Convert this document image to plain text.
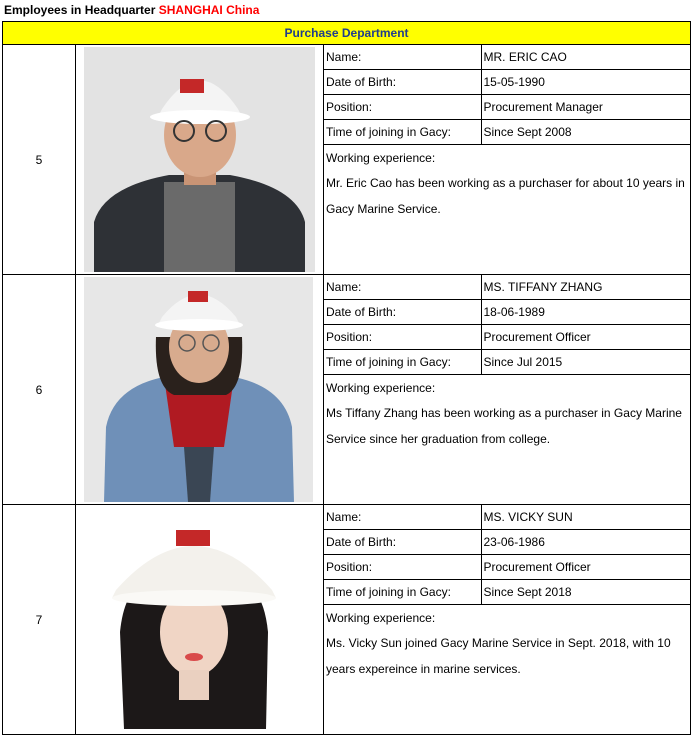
Employees in Headquarter SHANGHAI China
Purchase Department
5	

Name:	MR. ERIC CAO
Date of Birth:	15-05-1990
Position:	Procurement Manager
Time of joining in Gacy:	Since Sept 2008

Working experience:
Mr. Eric Cao has been working as a purchaser for about 10 years in Gacy Marine Service.

6	

Name:	MS. TIFFANY ZHANG
Date of Birth:	18-06-1989
Position:	Procurement Officer
Time of joining in Gacy:	Since Jul 2015

Working experience:
Ms Tiffany Zhang has been working as a purchaser in Gacy Marine Service since her graduation from college.

7	

Name:	MS. VICKY SUN
Date of Birth:	23-06-1986
Position:	Procurement Officer
Time of joining in Gacy:	Since Sept 2018

Working experience:
Ms. Vicky Sun joined Gacy Marine Service in Sept. 2018, with 10 years expereince in marine services.
